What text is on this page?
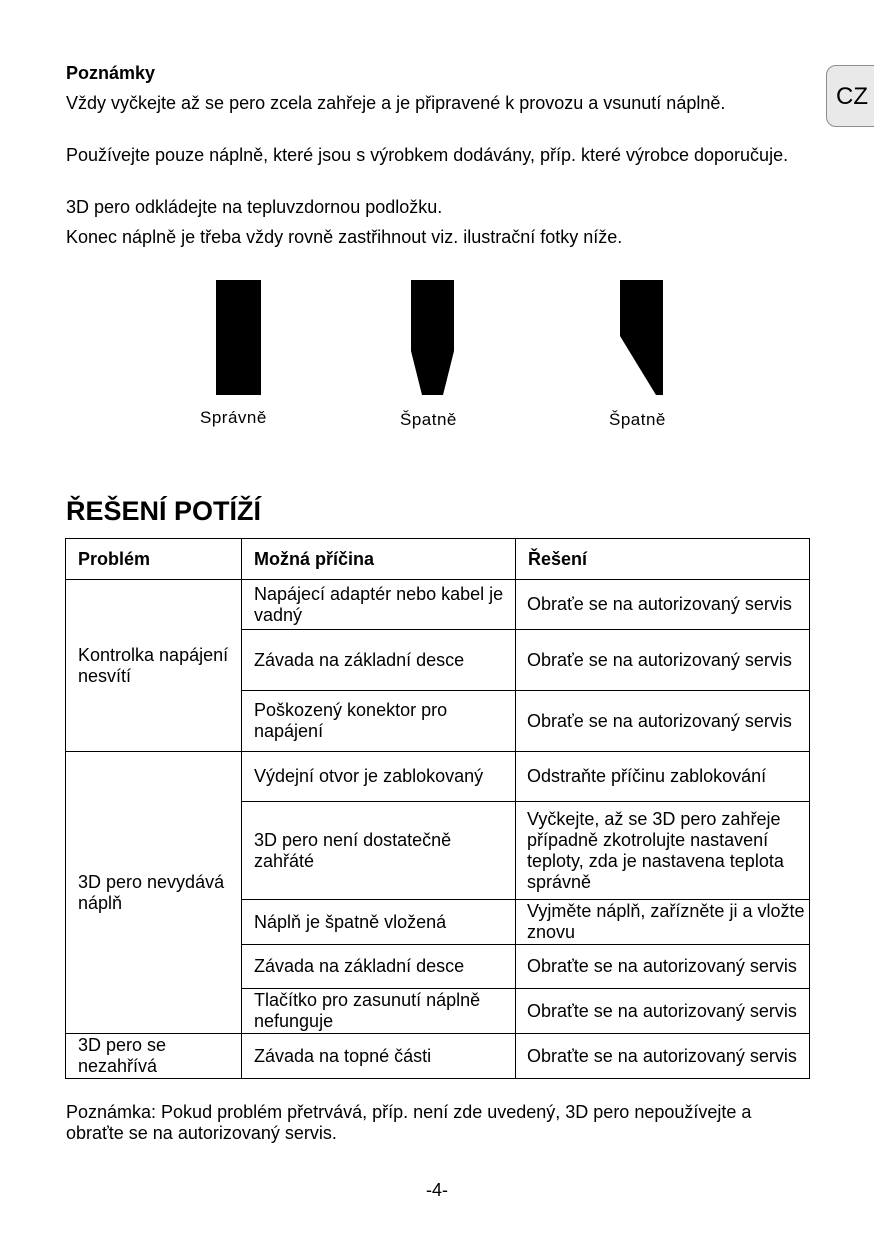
CZ
Poznámky
Vždy vyčkejte až se pero zcela zahřeje a je připravené k provozu a vsunutí náplně.
Používejte pouze náplně, které jsou s výrobkem dodávány, příp. které výrobce doporučuje.
3D pero odkládejte na tepluvzdornou podložku.
Konec náplně je třeba vždy rovně zastřihnout viz. ilustrační fotky níže.
Správně	Špatně	Špatně
ŘEŠENÍ POTÍŽÍ
Problém	Možná příčina	Řešení
Kontrolka napájení nesvítí	Napájecí adaptér nebo kabel je vadný	Obraťe se na autorizovaný servis
	Závada na základní desce	Obraťe se na autorizovaný servis
	Poškozený konektor pro napájení	Obraťe se na autorizovaný servis
3D pero nevydává náplň	Výdejní otvor je zablokovaný	Odstraňte příčinu zablokování
	3D pero není dostatečně zahřáté	Vyčkejte, až se 3D pero zahřeje případně zkotrolujte nastavení teploty, zda je nastavena teplota správně
	Náplň je špatně vložená	Vyjměte náplň, zařízněte ji a vložte znovu
	Závada na základní desce	Obraťte se na autorizovaný servis
	Tlačítko pro zasunutí náplně nefunguje	Obraťte se na autorizovaný servis
3D pero se nezahřívá	Závada na topné části	Obraťte se na autorizovaný servis
Poznámka: Pokud problém přetrvává, příp. není zde uvedený, 3D pero nepoužívejte a obraťte se na autorizovaný servis.
-4-
